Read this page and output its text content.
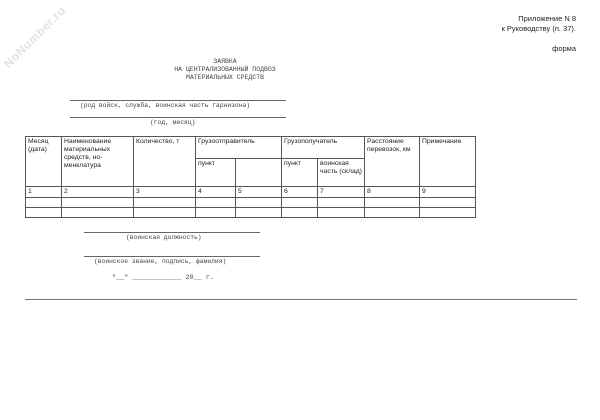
NoNumber.ru	Приложение N 8
к Руководству (п. 37).
форма
ЗАЯВКА
НА ЦЕНТРАЛИЗОВАННЫЙ ПОДВОЗ
МАТЕРИАЛЬНЫХ СРЕДСТВ
(род войск, служба, воинская часть гарнизона)
(год, месяц)
Месяц (дата)	Наименование материальных средств, но-менклатура	Количество, т	Грузоотправитель		Грузополучатель		Расстояние перевозок, км	Примечание
			пункт		пункт	воинская часть (склад)		
1	2	3	4	5	6	7	8	9

(воинская должность)
(воинское звание, подпись, фамилия)
"__" ____________ 20__ г.
